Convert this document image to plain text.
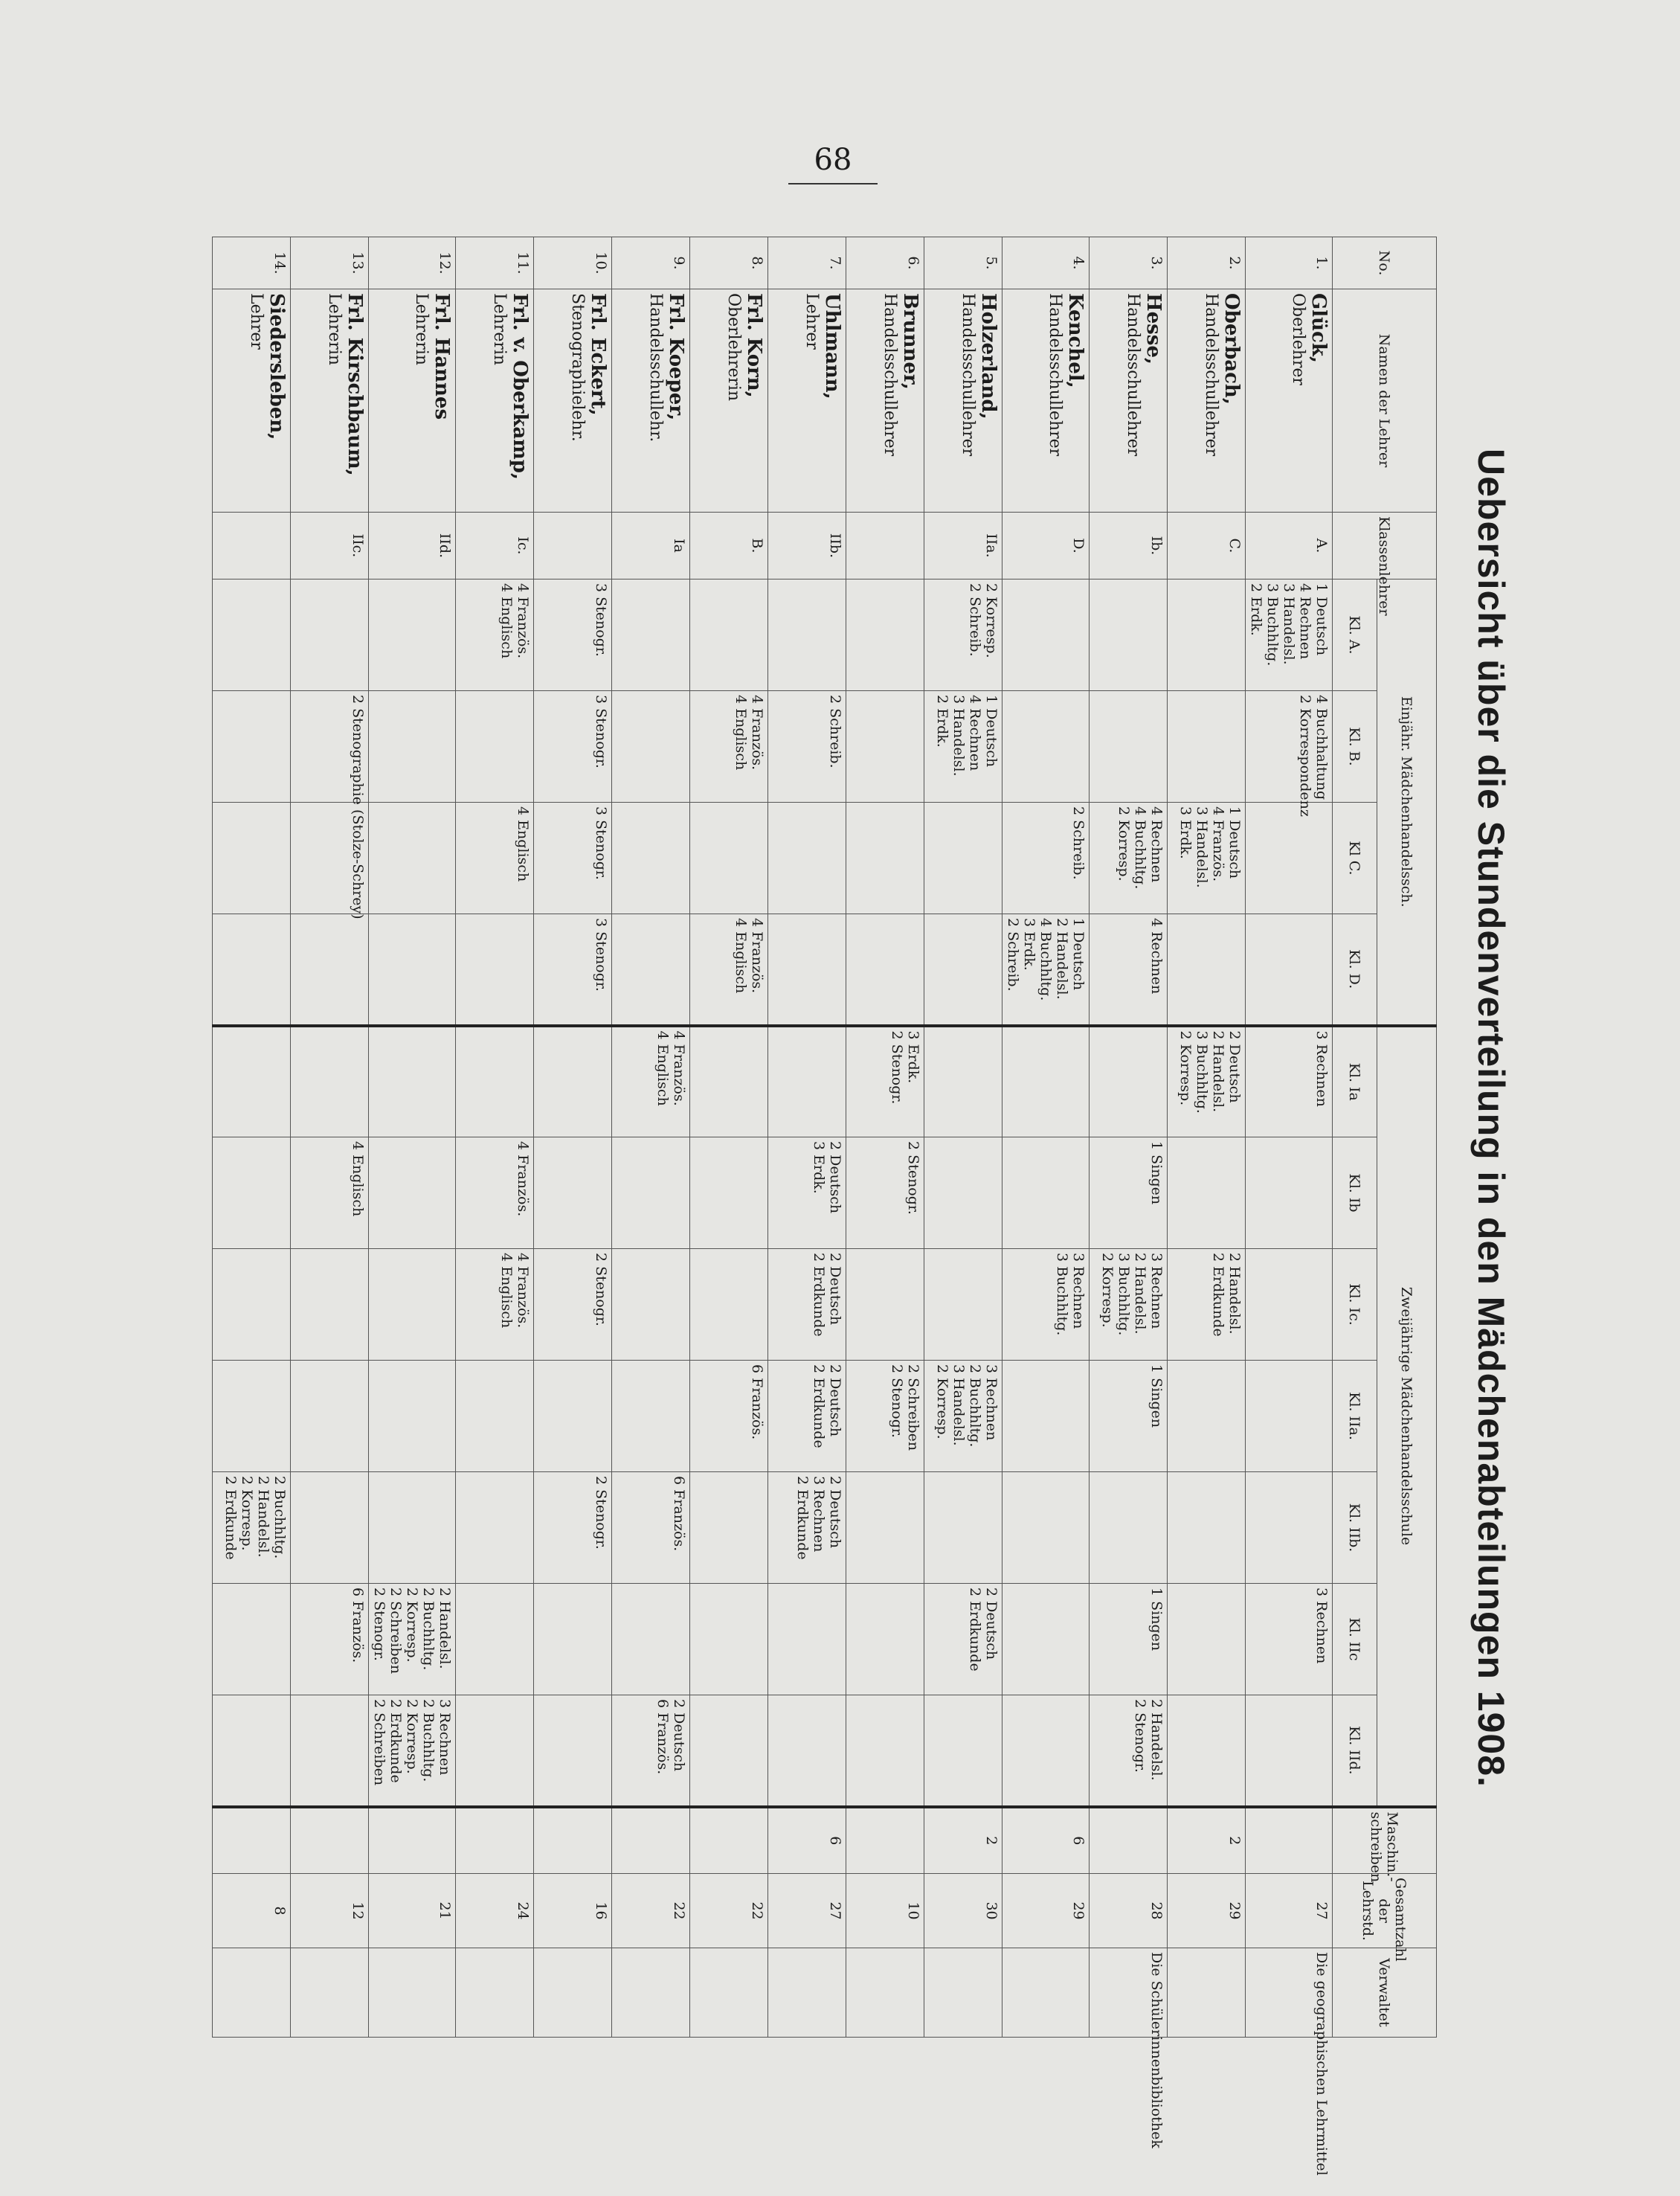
68
Uebersicht über die Stundenverteilung in den Mädchenabteilungen 1908.
No.	Namen der Lehrer	Klassenlehrer	Einjähr. Mädchenhandelssch.				Zweijährige Mädchenhandelsschule							Maschin.-schreiben	Gesamtzahl der Lehrstd.	Verwaltet
			Kl. A.	Kl. B.	Kl C.	Kl. D.	Kl. Ia	Kl. Ib	Kl. Ic.	Kl. IIa.	Kl. IIb.	Kl. IIc	Kl. IId.			
1.	Glück,
Oberlehrer	A.	1 Deutsch
4 Rechnen
3 Handelsl.
3 Buchhltg.
2 Erdk.	4 Buchhaltung
2 Korrespondenz			3 Rechnen					3 Rechnen			27	Die geographischen Lehrmittel

2.	Oberbach,
Handelsschullehrer	C.			1 Deutsch
4 Französ.
3 Handelsl.
3 Erdk.		2 Deutsch
2 Handelsl.
3 Buchhltg.
2 Korresp.		2 Handelsl.
2 Erdkunde					2	29	
3.	Hesse,
Handelsschullehrer	Ib.			4 Rechnen
4 Buchhltg.
2 Korresp.	4 Rechnen		1 Singen	3 Rechnen
2 Handelsl.
3 Buchhltg.
2 Korresp.	1 Singen		1 Singen	2 Handelsl.
2 Stenogr.		28	Die Schülerinnenbibliothek

4.	Kenchel,
Handelsschullehrer	D.			2 Schreib.	1 Deutsch
2 Handelsl.
4 Buchhltg.
3 Erdk.
2 Schreib.			3 Rechnen
3 Buchhltg.					6	29	
5.	Holzerland,
Handelsschullehrer	IIa.	2 Korresp.
2 Schreib.	1 Deutsch
4 Rechnen
3 Handelsl.
2 Erdk.						3 Rechnen
2 Buchhltg.
3 Handelsl.
2 Korresp.		2 Deutsch
2 Erdkunde		2	30	
6.	Brunner,
Handelsschullehrer						3 Erdk.
2 Stenogr.	2 Stenogr.		2 Schreiben
2 Stenogr.					10	
7.	Uhlmann,
Lehrer	IIb.		2 Schreib.				2 Deutsch
3 Erdk.	2 Deutsch
2 Erdkunde	2 Deutsch
2 Erdkunde	2 Deutsch
3 Rechnen
2 Erdkunde			6	27	
8.	Frl. Korn,
Oberlehrerin	B.		4 Französ.
4 Englisch		4 Französ.
4 Englisch				6 Französ.					22	
9.	Frl. Koeper,
Handelsschullehr.	Ia					4 Französ.
4 Englisch				6 Französ.		2 Deutsch
6 Französ.		22	
10.	Frl. Eckert,
Stenographielehr.		3 Stenogr.	3 Stenogr.	3 Stenogr.	3 Stenogr.			2 Stenogr.		2 Stenogr.				16	
11.	Frl. v. Oberkamp,
Lehrerin	Ic.	4 Französ.
4 Englisch		4 Englisch			4 Französ.	4 Französ.
4 Englisch						24	
12.	Frl. Hannes
Lehrerin	IId.										2 Handelsl.
2 Buchhltg.
2 Korresp.
2 Schreiben
2 Stenogr.	3 Rechnen
2 Buchhltg.
2 Korresp.
2 Erdkunde
2 Schreiben		21	
13.	Frl. Kirschbaum,
Lehrerin	IIc.		2 Stenographie (Stolze-Schrey)				4 Englisch				6 Französ.			12	
14.	Siedersleben,
Lehrer										2 Buchhltg.
2 Handelsl.
2 Korresp.
2 Erdkunde				8	
